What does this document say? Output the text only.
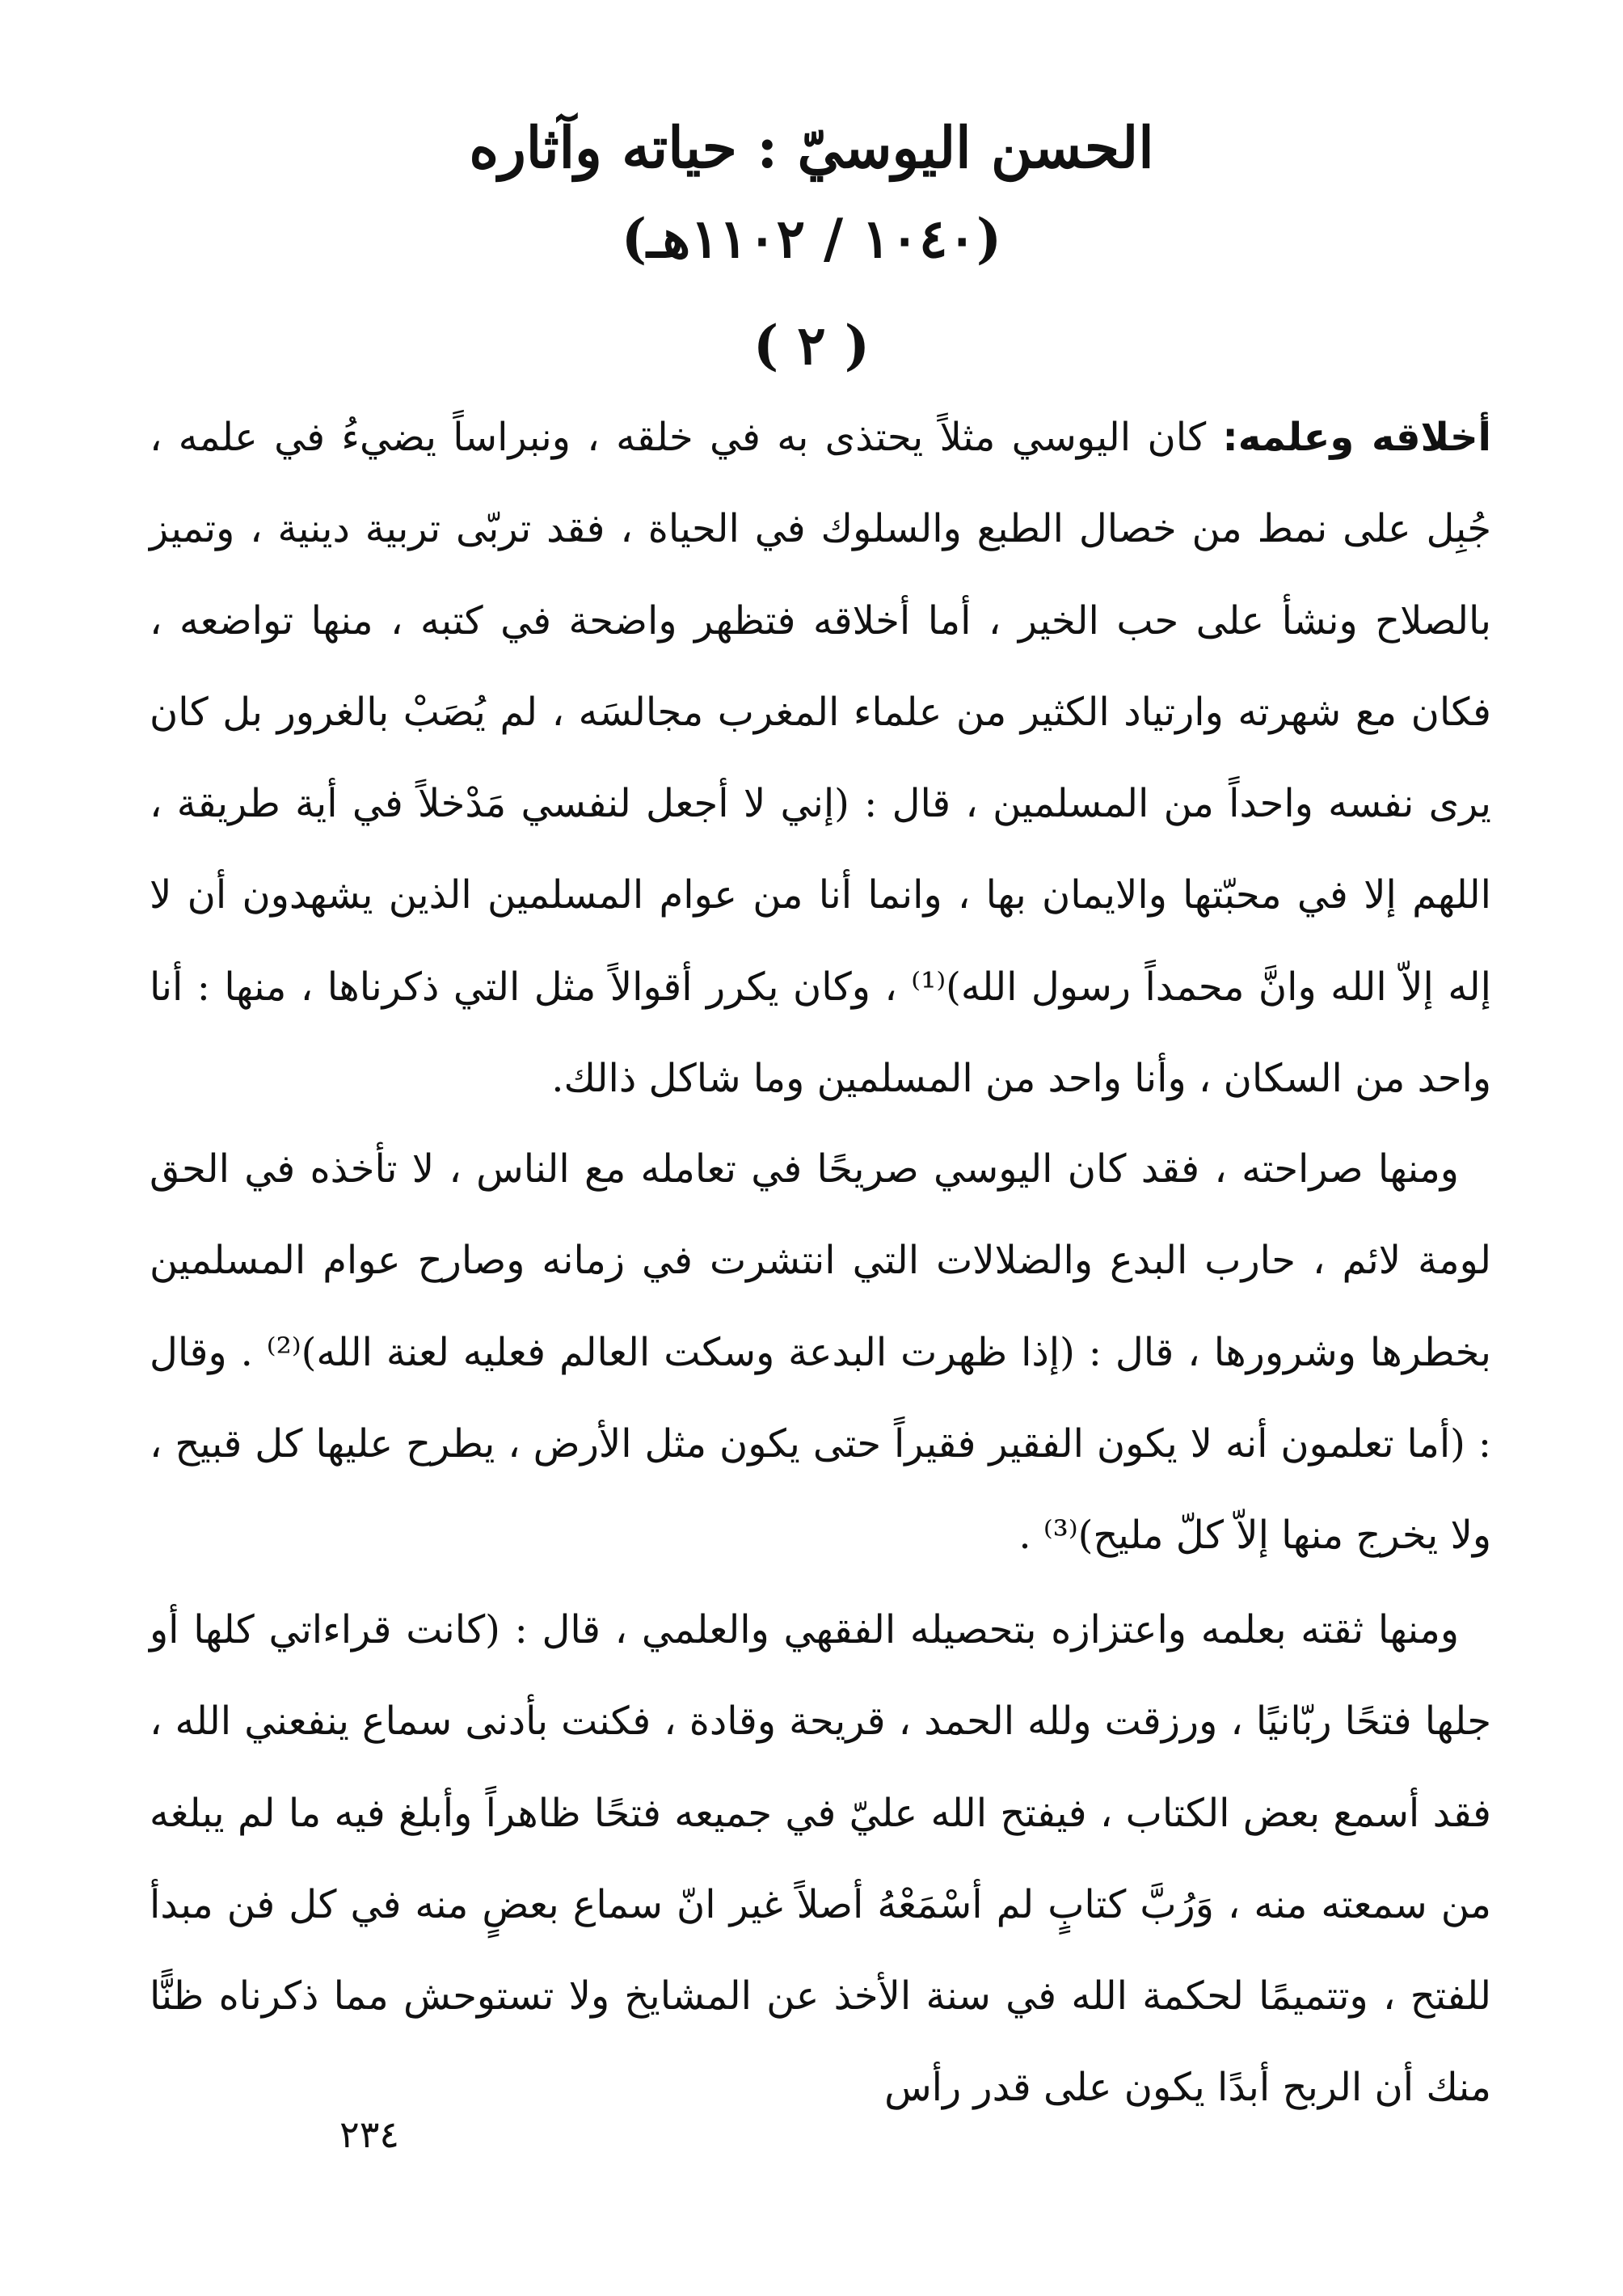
الحسن اليوسيّ : حياته وآثاره
(١٠٤٠ / ١١٠٢هـ)
( ٢ )

أخلاقه وعلمه: كان اليوسي مثلاً يحتذى به في خلقه ، ونبراساً يضيءُ في علمه ، جُبِل على نمط من خصال الطبع والسلوك في الحياة ، فقد تربّى تربية دينية ، وتميز بالصلاح ونشأ على حب الخير ، أما أخلاقه فتظهر واضحة في كتبه ، منها تواضعه ، فكان مع شهرته وارتياد الكثير من علماء المغرب مجالسَه ، لم يُصَبْ بالغرور بل كان يرى نفسه واحداً من المسلمين ، قال : (إني لا أجعل لنفسي مَدْخلاً في أية طريقة ، اللهم إلا في محبّتها والايمان بها ، وانما أنا من عوام المسلمين الذين يشهدون أن لا إله إلاّ الله وانَّ محمداً رسول الله)⁽¹⁾ ، وكان يكرر أقوالاً مثل التي ذكرناها ، منها : أنا واحد من السكان ، وأنا واحد من المسلمين وما شاكل ذالك.

ومنها صراحته ، فقد كان اليوسي صريحًا في تعامله مع الناس ، لا تأخذه في الحق لومة لائم ، حارب البدع والضلالات التي انتشرت في زمانه وصارح عوام المسلمين بخطرها وشرورها ، قال : (إذا ظهرت البدعة وسكت العالم فعليه لعنة الله)⁽²⁾ . وقال : (أما تعلمون أنه لا يكون الفقير فقيراً حتى يكون مثل الأرض ، يطرح عليها كل قبيح ، ولا يخرج منها إلاّ كلّ مليح)⁽³⁾ .

ومنها ثقته بعلمه واعتزازه بتحصيله الفقهي والعلمي ، قال : (كانت قراءاتي كلها أو جلها فتحًا ربّانيًا ، ورزقت ولله الحمد ، قريحة وقادة ، فكنت بأدنى سماع ينفعني الله ، فقد أسمع بعض الكتاب ، فيفتح الله عليّ في جميعه فتحًا ظاهراً وأبلغ فيه ما لم يبلغه من سمعته منه ، وَرُبَّ كتابٍ لم أسْمَعْهُ أصلاً غير انّ سماع بعضٍ منه في كل فن مبدأ للفتح ، وتتميمًا لحكمة الله في سنة الأخذ عن المشايخ ولا تستوحش مما ذكرناه ظنًّا منك أن الربح أبدًا يكون على قدر رأس

٢٣٤
